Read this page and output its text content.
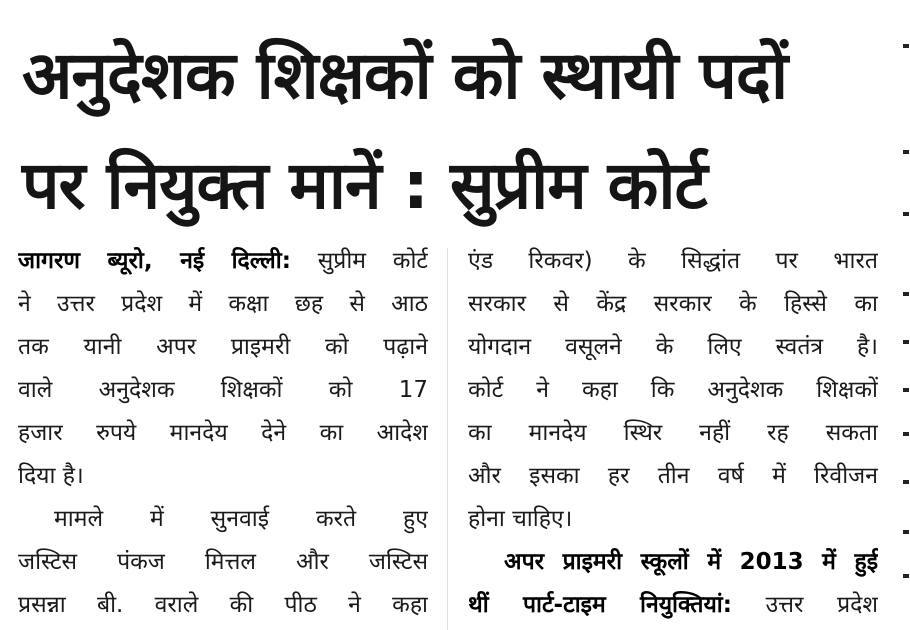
अनुदेशक शिक्षकों को स्थायी पदों
पर नियुक्त मानें : सुप्रीम कोर्ट
जागरण ब्यूरो, नई दिल्ली: सुप्रीम कोर्ट
ने उत्तर प्रदेश में कक्षा छह से आठ
तक यानी अपर प्राइमरी को पढ़ाने
वाले अनुदेशक शिक्षकों को 17
हजार रुपये मानदेय देने का आदेश
दिया है।
मामले में सुनवाई करते हुए
जस्टिस पंकज मित्तल और जस्टिस
प्रसन्ना बी. वराले की पीठ ने कहा
एंड रिकवर) के सिद्धांत पर भारत
सरकार से केंद्र सरकार के हिस्से का
योगदान वसूलने के लिए स्वतंत्र है।
कोर्ट ने कहा कि अनुदेशक शिक्षकों
का मानदेय स्थिर नहीं रह सकता
और इसका हर तीन वर्ष में रिवीजन
होना चाहिए।
अपर प्राइमरी स्कूलों में 2013 में हुई
थीं पार्ट-टाइम नियुक्तियां: उत्तर प्रदेश
